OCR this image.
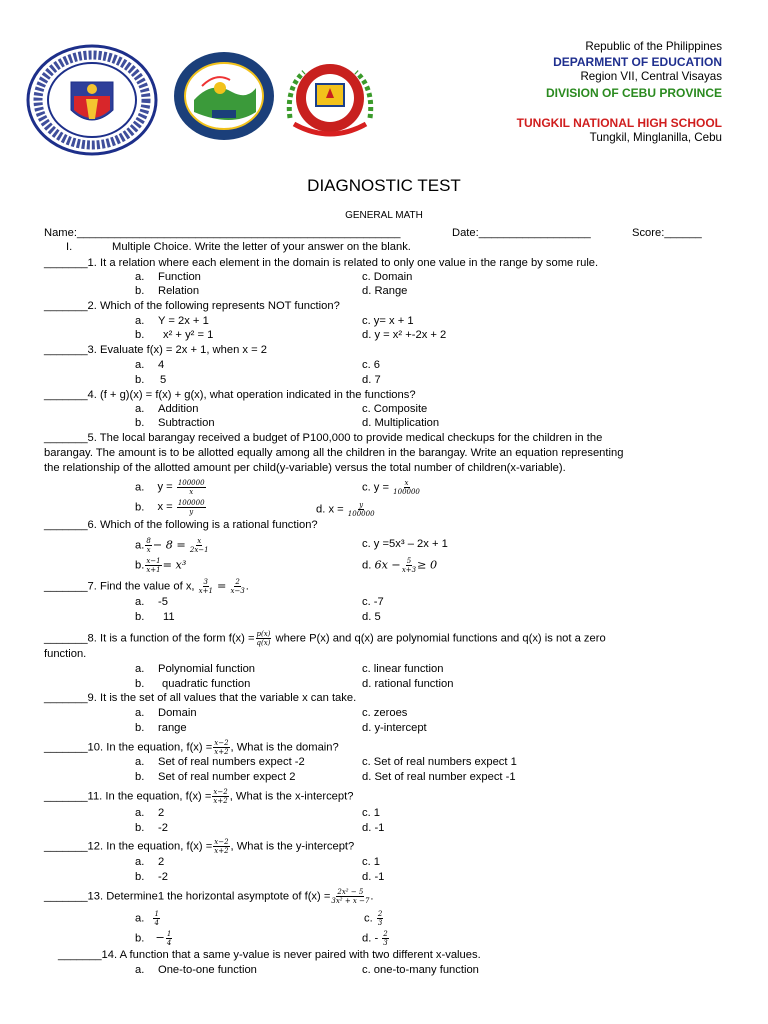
Republic of the Philippines
DEPARMENT OF EDUCATION
Region VII, Central Visayas
DIVISION OF CEBU PROVINCE
TUNGKIL NATIONAL HIGH SCHOOL
Tungkil, Minglanilla, Cebu
DIAGNOSTIC TEST
GENERAL MATH
Name:____________________________________________________	Date:__________________	Score:______
I.	Multiple Choice. Write the letter of your answer on the blank.
_______1. It a relation where each element in the domain is related to only one value in the range by some rule.
a. Function	c. Domain
b. Relation	d. Range
_______2. Which of the following represents NOT function?
a. Y = 2x + 1	c. y= x + 1
b. x² + y² = 1	d. y = x² +-2x + 2
_______3. Evaluate f(x) = 2x + 1, when x = 2
a. 4	c. 6
b. 5	d. 7
_______4. (f + g)(x) = f(x) + g(x), what operation indicated in the functions?
a. Addition	c. Composite
b. Subtraction	d. Multiplication
_______5. The local barangay received a budget of P100,000 to provide medical checkups for the children in the
barangay. The amount is to be allotted equally among all the children in the barangay. Write an equation representing
the relationship of the allotted amount per child(y-variable) versus the total number of children(x-variable).
a. $y = \frac{100000}{x}$	c. $y = \frac{x}{100000}$
b. $x = \frac{100000}{y}$	d. $x = \frac{y}{100000}$
_______6. Which of the following is a rational function?
a. $\frac{8}{x} - 8 = \frac{x}{2x-1}$	c. y =5x³ – 2x + 1
b. $\frac{x-1}{x+1} = x^3$	d. $6x - \frac{5}{x+3} \ge 0$
_______7. Find the value of x, $\frac{3}{x+1} = \frac{2}{x-3}$ .
a. -5	c. -7
b. 11	d. 5
_______8. It is a function of the form $f(x) = \frac{p(x)}{q(x)}$ where P(x) and q(x) are polynomial functions and q(x) is not a zero
function.
a. Polynomial function	c. linear function
b. quadratic function	d. rational function
_______9. It is the set of all values that the variable x can take.
a. Domain	c. zeroes
b. range	d. y-intercept
_______10. In the equation, $f(x) = \frac{x-2}{x+2}$ , What is the domain?
a. Set of real numbers expect -2	c. Set of real numbers expect 1
b. Set of real number expect 2	d. Set of real number expect -1
_______11. In the equation, $f(x) = \frac{x-2}{x+2}$ , What is the x-intercept?
a. 2	c. 1
b. -2	d. -1
_______12. In the equation, $f(x) = \frac{x-2}{x+2}$ , What is the y-intercept?
a. 2	c. 1
b. -2	d. -1
_______13. Determine1 the horizontal asymptote of $f(x) = \frac{\text{2x² − 5}}{\text{3x² + x −7}}$ .
a. $\frac{1}{4}$	c. $\frac{2}{3}$
b. − $\frac{1}{4}$	d. - $\frac{2}{3}$
_______14. A function that a same y-value is never paired with two different x-values.
a. One-to-one function	c. one-to-many function
